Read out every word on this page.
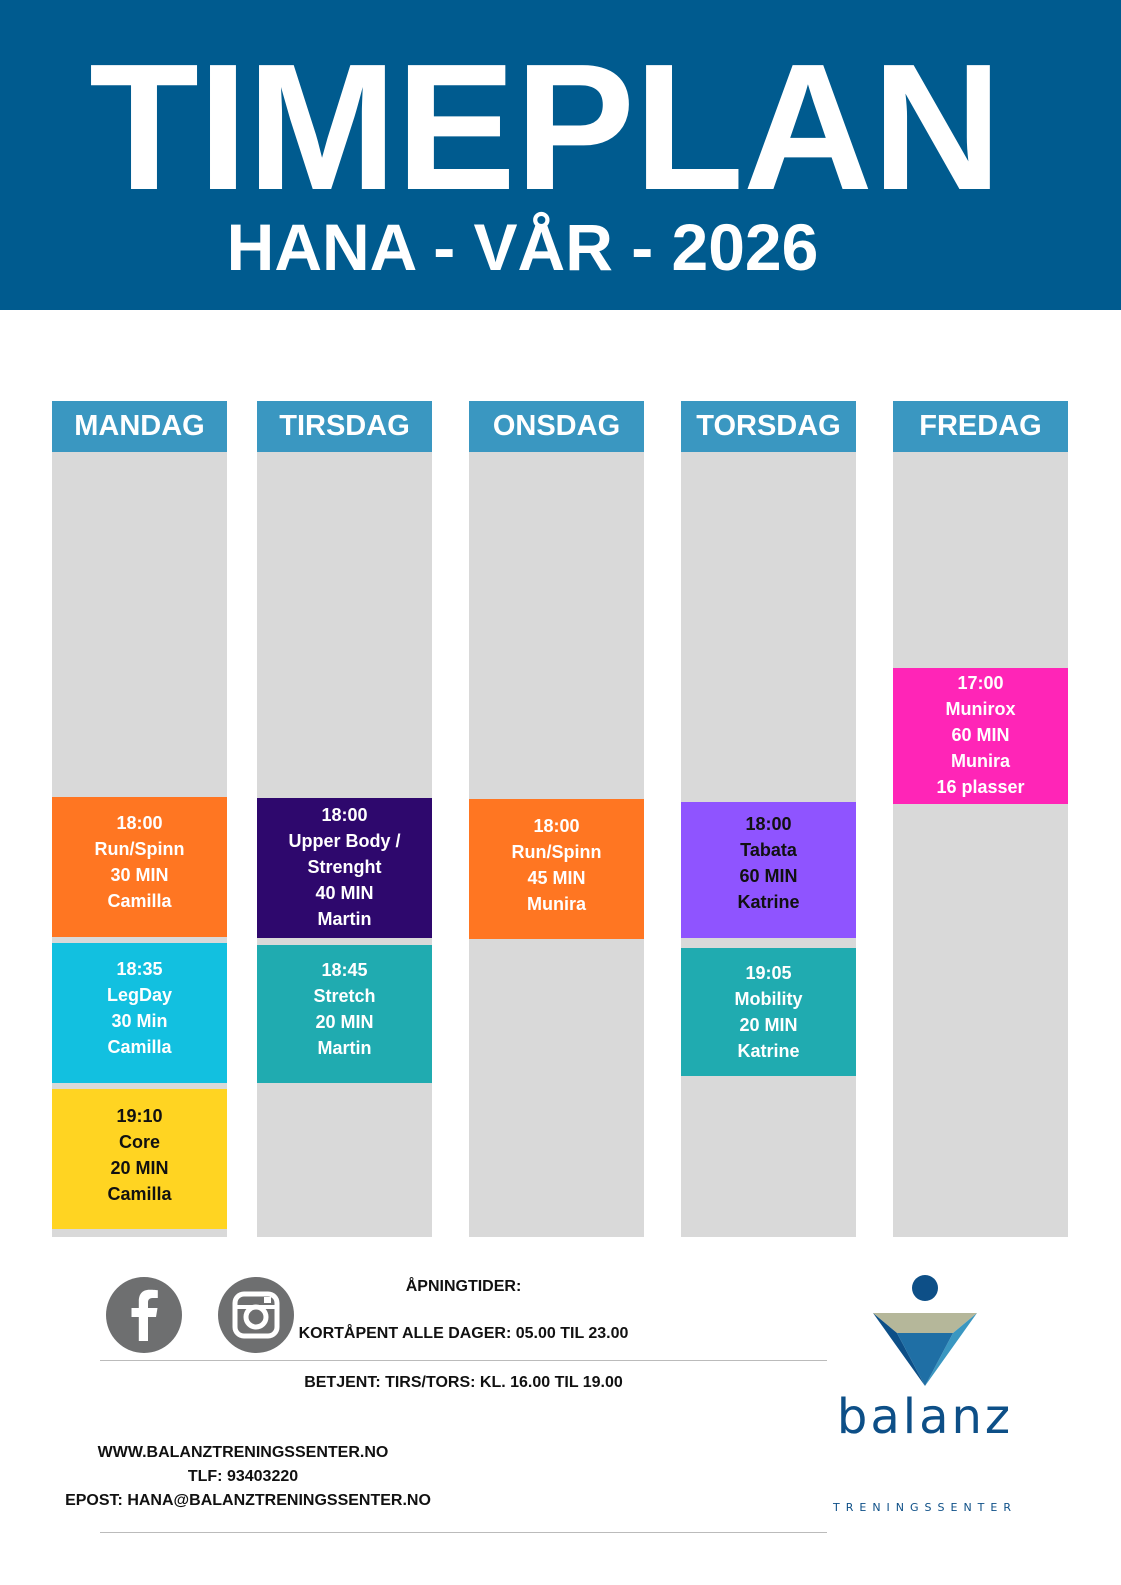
TIMEPLAN
HANA - VÅR - 2026
MANDAG
18:00
Run/Spinn
30 MIN
Camilla
18:35
LegDay
30 Min
Camilla
19:10
Core
20 MIN
Camilla
TIRSDAG
18:00
Upper Body / Strenght
40 MIN
Martin
18:45
Stretch
20 MIN
Martin
ONSDAG
18:00
Run/Spinn
45 MIN
Munira
TORSDAG
18:00
Tabata
60 MIN
Katrine
19:05
Mobility
20 MIN
Katrine
FREDAG
17:00
Munirox
60 MIN
Munira
16 plasser
ÅPNINGTIDER:
KORTÅPENT ALLE DAGER: 05.00 TIL 23.00
BETJENT: TIRS/TORS: KL. 16.00 TIL 19.00
WWW.BALANZTRENINGSSENTER.NO
TLF: 93403220
EPOST: HANA@BALANZTRENINGSSENTER.NO
balanz
TRENINGSSENTER
